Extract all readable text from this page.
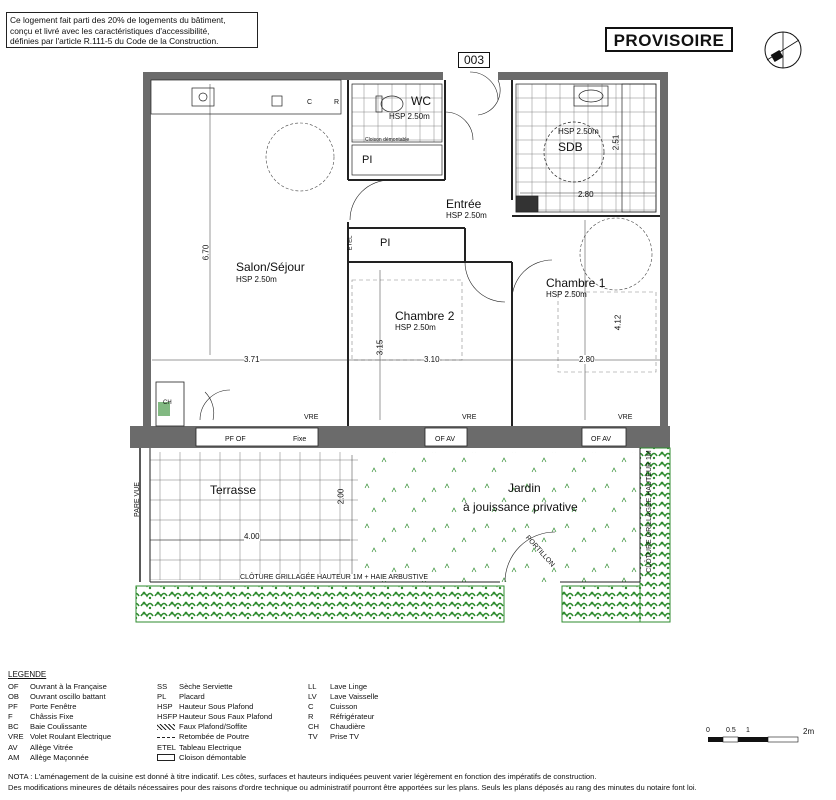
Ce logement fait parti des 20% de logements du bâtiment,
conçu et livré avec les caractéristiques d'accessibilité,
définies par l'article R.111-5 du Code de la Construction.	PROVISOIRE
003
WC
HSP 2.50m
Cloison démontable
PI
HSP 2.50m
SDB
2.80
2.51
Entrée
HSP 2.50m
PI
ETEL
Salon/Séjour
HSP 2.50m
6.70
3.71
Chambre 1
HSP 2.50m
4.12
2.80
Chambre 2
HSP 2.50m
3.15
3.10
CH
C	R
VRE	VRE	VRE
PF OF	Fixe	OF AV	OF AV
Terrasse
4.00
2.00
PARE VUE	Jardin
à jouissance privative
PORTILLON
CLÔTURE GRILLAGÉE HAUTEUR 1M + HAIE ARBUSTIVE
CLÔTURE GRILLAGÉE HAUTEUR 1M
LEGENDE
OF Ouvrant à la Française
OB Ouvrant oscillo battant
PF Porte Fenêtre
F Châssis Fixe
BC Baie Coulissante
VRE Volet Roulant Electrique
AV Allège Vitrée
AM Allège Maçonnée
SS Sèche Serviette
PL Placard
HSP Hauteur Sous Plafond
HSFP Hauteur Sous Faux Plafond
Faux Plafond/Soffite
Retombée de Poutre
ETEL Tableau Electrique
Cloison démontable
LL Lave Linge
LV Lave Vaisselle
C Cuisson
R Réfrigérateur
CH Chaudière
TV Prise TV
0 0.5 1	2m
NOTA : L'aménagement de la cuisine est donné à titre indicatif. Les côtes, surfaces et hauteurs indiquées peuvent varier légèrement en fonction des impératifs de construction.
Des modifications mineures de détails nécessaires pour des raisons d'ordre technique ou administratif pourront être apportées sur les plans. Seuls les plans déposés au rang des minutes du notaire font loi.
